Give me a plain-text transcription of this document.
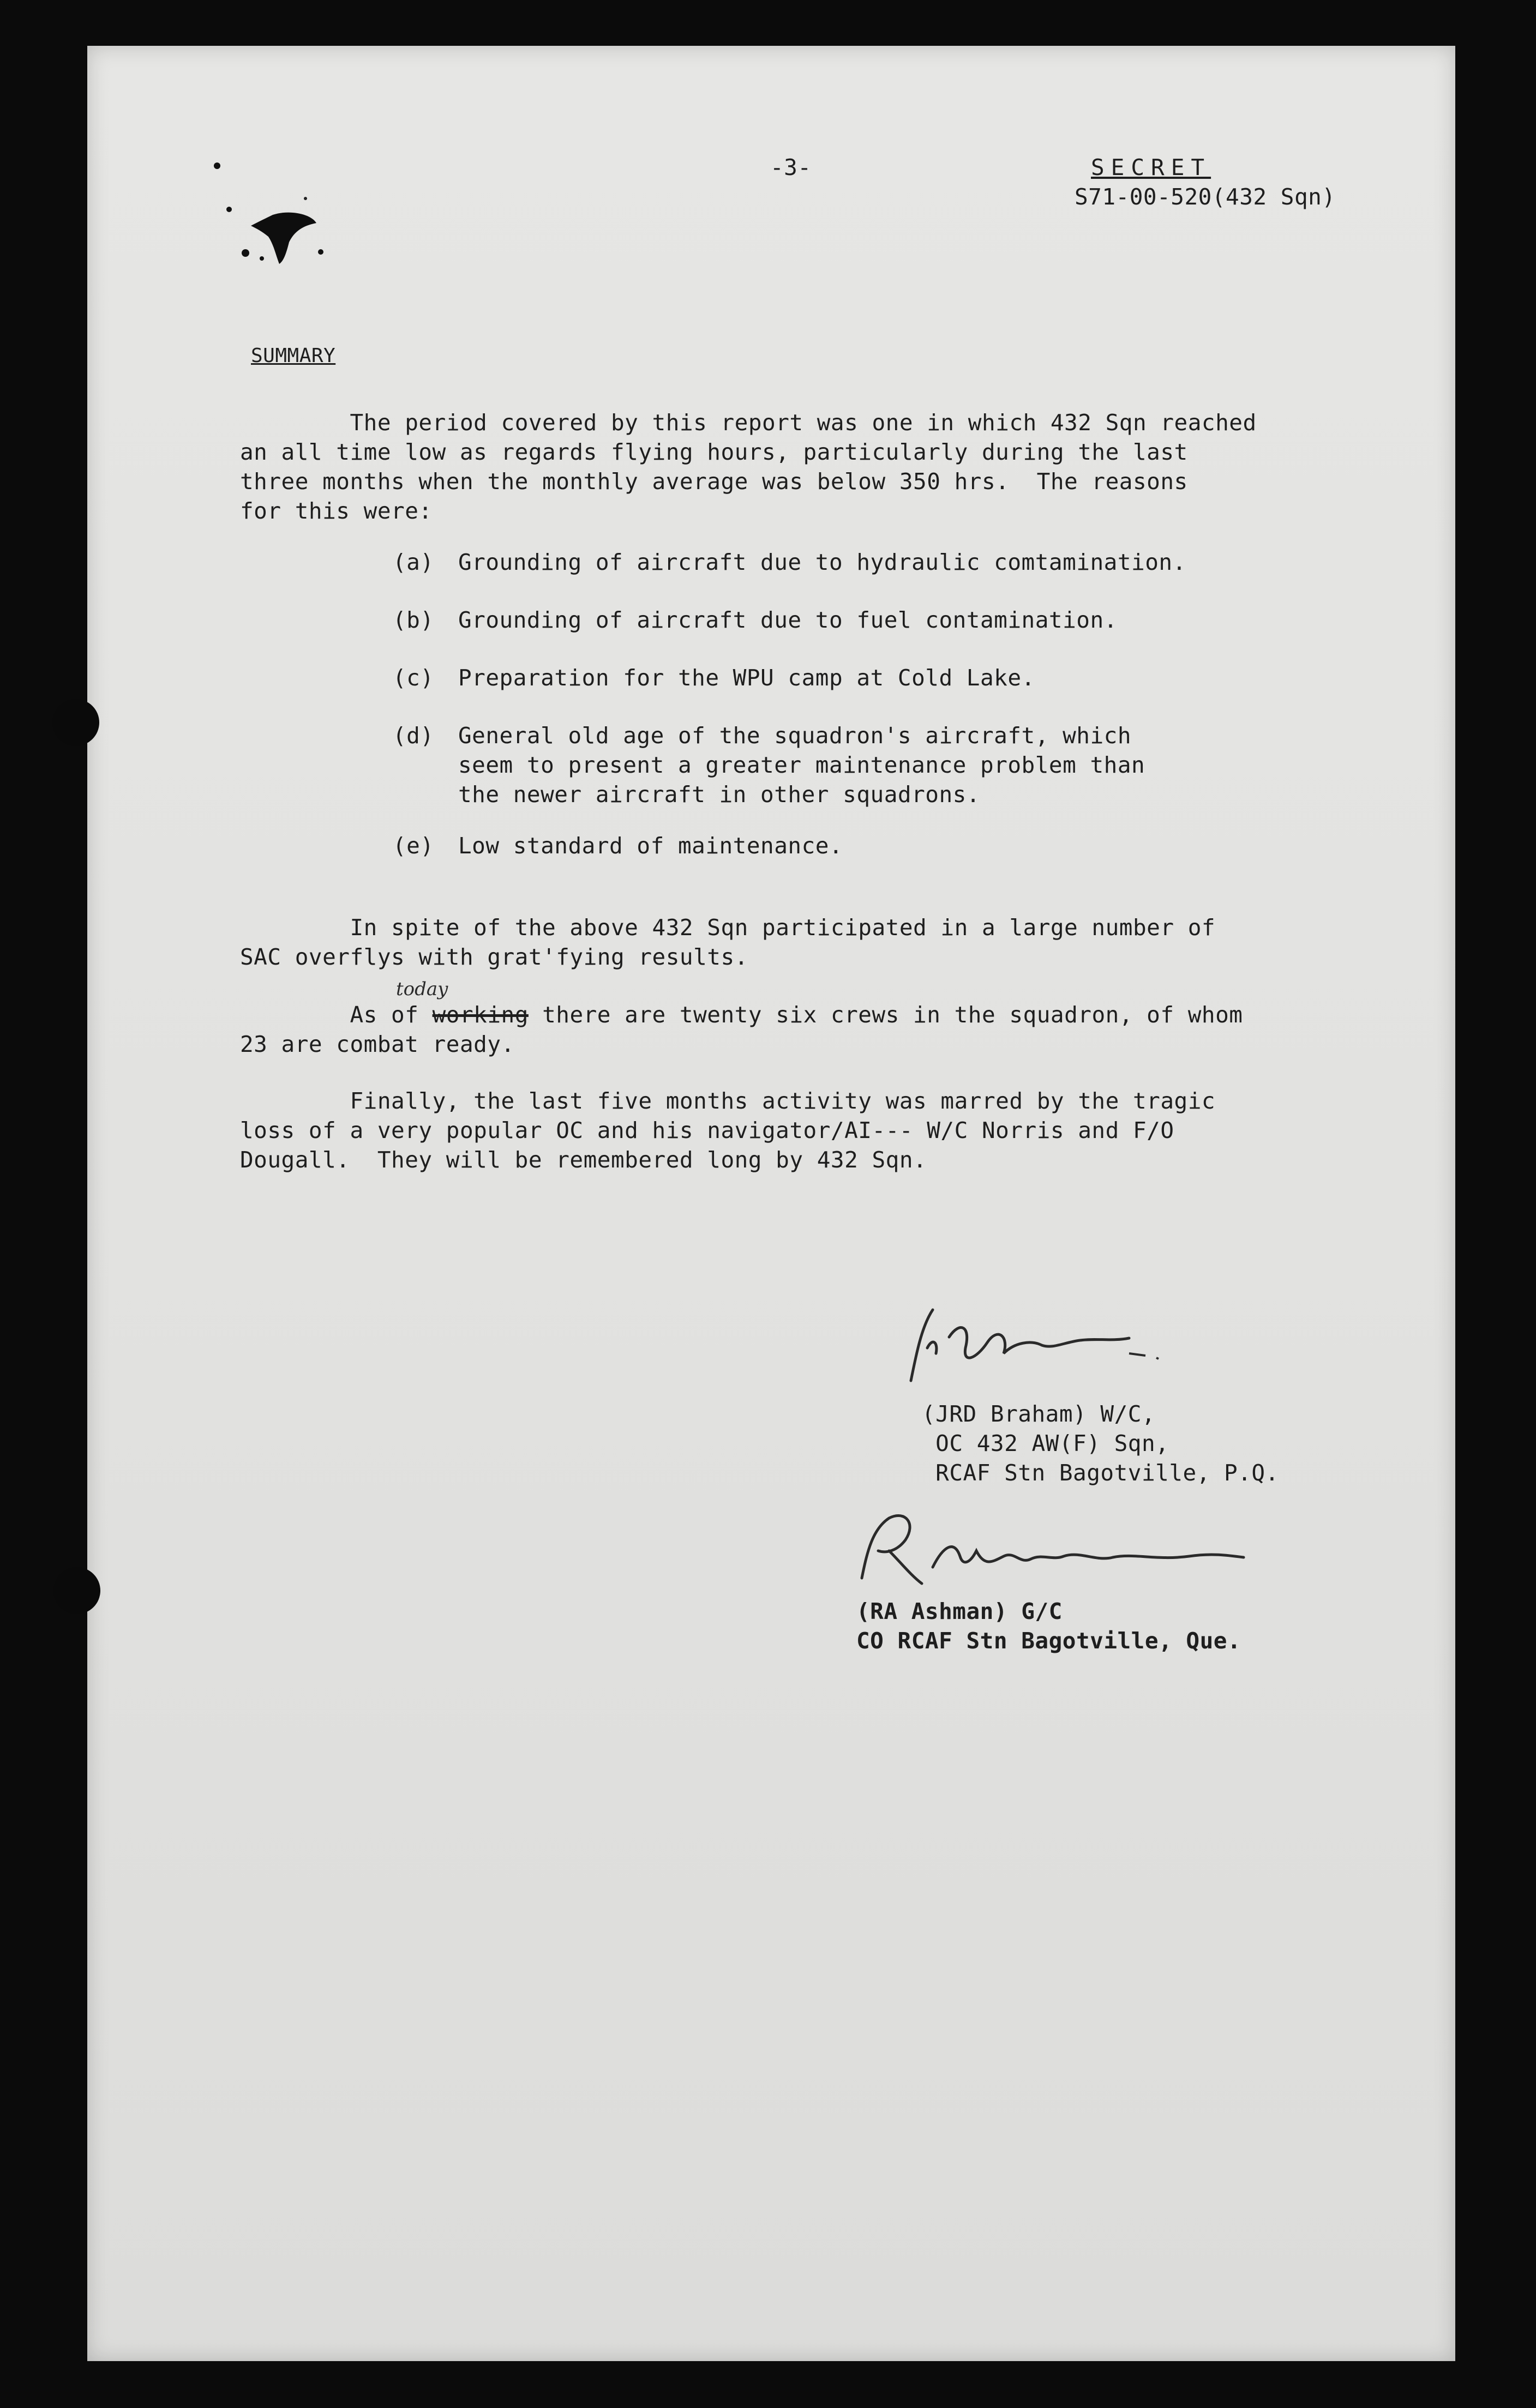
-3-	SECRET
S71-00-520(432 Sqn)
SUMMARY

The period covered by this report was one in which 432 Sqn reached
an all time low as regards flying hours, particularly during the last
three months when the monthly average was below 350 hrs.  The reasons
for this were:

(a)	Grounding of aircraft due to hydraulic comtamination.
(b)	Grounding of aircraft due to fuel contamination.
(c)	Preparation for the WPU camp at Cold Lake.
(d)	General old age of the squadron's aircraft, which
seem to present a greater maintenance problem than
the newer aircraft in other squadrons.
(e)	Low standard of maintenance.

In spite of the above 432 Sqn participated in a large number of
SAC overflys with grat'fying results.

today

As of working there are twenty six crews in the squadron, of whom
23 are combat ready.

Finally, the last five months activity was marred by the tragic
loss of a very popular OC and his navigator/AI--- W/C Norris and F/O
Dougall.  They will be remembered long by 432 Sqn.

(JRD Braham) W/C,
OC 432 AW(F) Sqn,
RCAF Stn Bagotville, P.Q.
(RA Ashman) G/C
CO RCAF Stn Bagotville, Que.
